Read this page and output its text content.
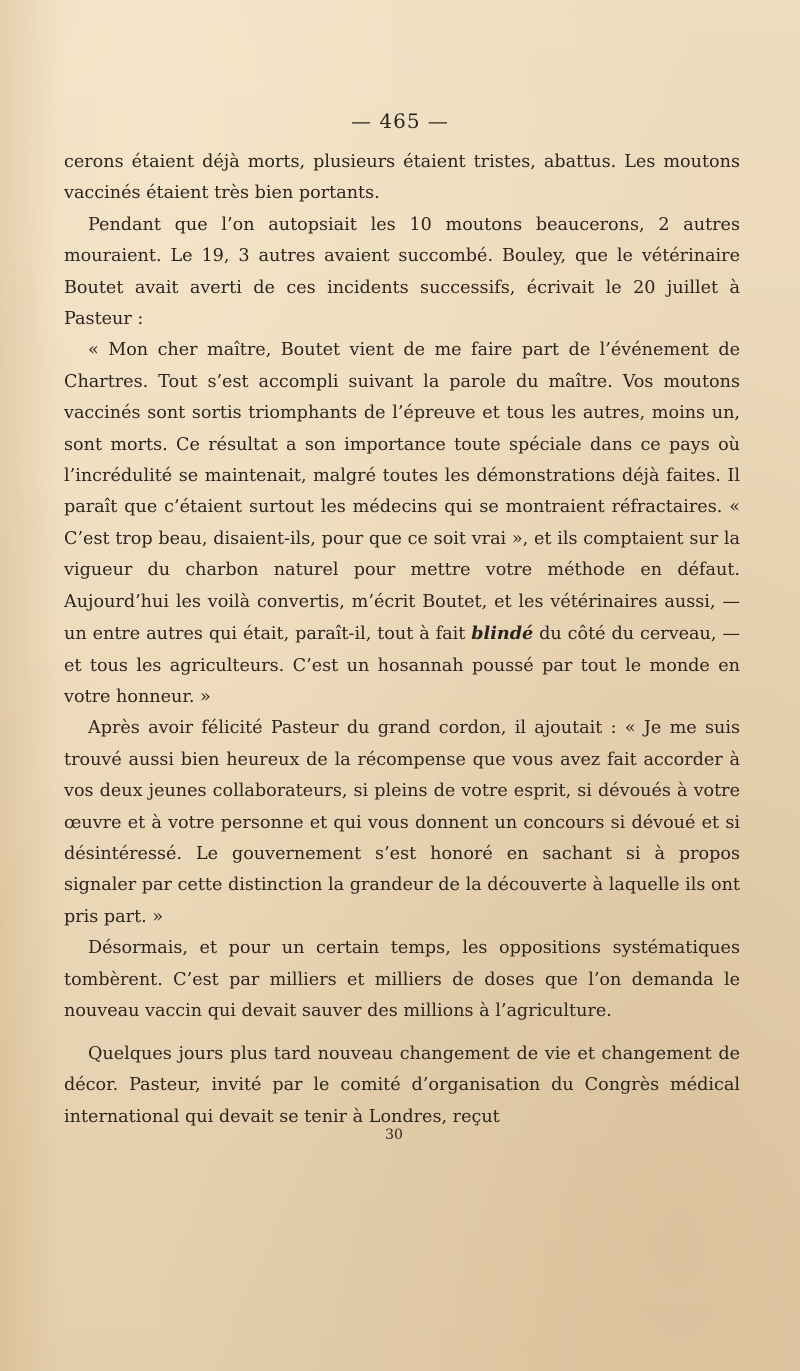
— 465 —

cerons étaient déjà morts, plusieurs étaient tristes, abattus. Les moutons vaccinés étaient très bien portants.

Pendant que l’on autopsiait les 10 moutons beaucerons, 2 autres mouraient. Le 19, 3 autres avaient succombé. Bouley, que le vétérinaire Boutet avait averti de ces incidents successifs, écrivait le 20 juillet à Pasteur :

« Mon cher maître, Boutet vient de me faire part de l’événement de Chartres. Tout s’est accompli suivant la parole du maître. Vos moutons vaccinés sont sortis triomphants de l’épreuve et tous les autres, moins un, sont morts. Ce résultat a son importance toute spéciale dans ce pays où l’incrédulité se maintenait, malgré toutes les démonstrations déjà faites. Il paraît que c’étaient surtout les médecins qui se montraient réfractaires. « C’est trop beau, disaient-ils, pour que ce soit vrai », et ils comptaient sur la vigueur du charbon naturel pour mettre votre méthode en défaut. Aujourd’hui les voilà convertis, m’écrit Boutet, et les vétérinaires aussi, — un entre autres qui était, paraît-il, tout à fait blindé du côté du cerveau, — et tous les agriculteurs. C’est un hosannah poussé par tout le monde en votre honneur. »

Après avoir félicité Pasteur du grand cordon, il ajoutait : « Je me suis trouvé aussi bien heureux de la récompense que vous avez fait accorder à vos deux jeunes collaborateurs, si pleins de votre esprit, si dévoués à votre œuvre et à votre personne et qui vous donnent un concours si dévoué et si désintéressé. Le gouvernement s’est honoré en sachant si à propos signaler par cette distinction la grandeur de la découverte à laquelle ils ont pris part. »

Désormais, et pour un certain temps, les oppositions systématiques tombèrent. C’est par milliers et milliers de doses que l’on demanda le nouveau vaccin qui devait sauver des millions à l’agriculture.

Quelques jours plus tard nouveau changement de vie et changement de décor. Pasteur, invité par le comité d’organisation du Congrès médical international qui devait se tenir à Londres, reçut

30
